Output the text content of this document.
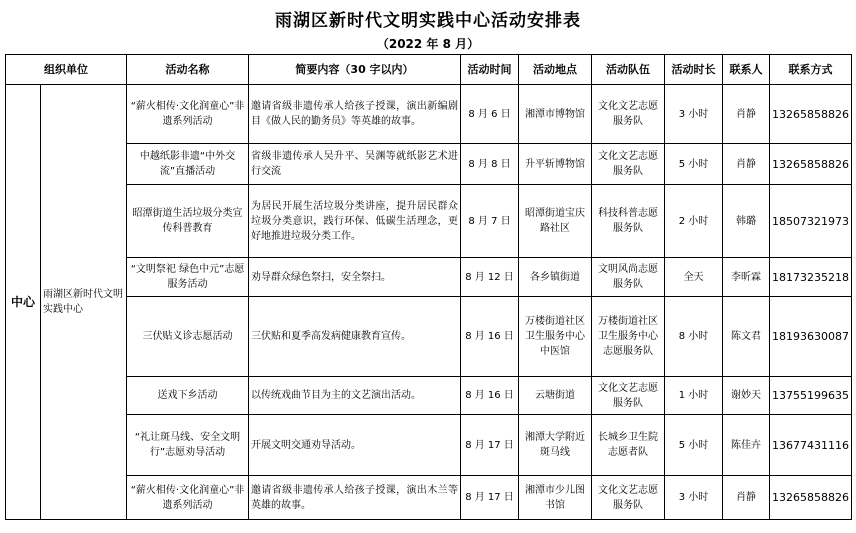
雨湖区新时代文明实践中心活动安排表
（2022 年 8 月）
组织单位		活动名称	简要内容（30 字以内）	活动时间	活动地点	活动队伍	活动时长	联系人	联系方式
中心	雨湖区新时代文明实践中心	“薪火相传·文化润童心”非遗系列活动	邀请省级非遗传承人给孩子授课，演出新编剧目《做人民的勤务员》等英雄的故事。	8 月 6 日	湘潭市博物馆	文化文艺志愿服务队	3 小时	肖静	13265858826
		中越纸影非遗“中外交流”直播活动	省级非遗传承人吴升平、吴渊等就纸影艺术进行交流	8 月 8 日	升平斩博物馆	文化文艺志愿服务队	5 小时	肖静	13265858826
		昭潭街道生活垃圾分类宣传科普教育	为居民开展生活垃圾分类讲座，提升居民群众垃圾分类意识，践行环保、低碳生活理念，更好地推进垃圾分类工作。	8 月 7 日	昭潭街道宝庆路社区	科技科普志愿服务队	2 小时	韩璐	18507321973
		“文明祭祀 绿色中元”志愿服务活动	劝导群众绿色祭扫，安全祭扫。	8 月 12 日	各乡镇街道	文明风尚志愿服务队	全天	李昕霖	18173235218
		三伏贴义诊志愿活动	三伏贴和夏季高发病健康教育宣传。	8 月 16 日	万楼街道社区卫生服务中心中医馆	万楼街道社区卫生服务中心志愿服务队	8 小时	陈文君	18193630087
		送戏下乡活动	以传统戏曲节目为主的文艺演出活动。	8 月 16 日	云塘街道	文化文艺志愿服务队	1 小时	谢妙天	13755199635
		“礼让斑马线、安全文明行”志愿劝导活动	开展文明交通劝导活动。	8 月 17 日	湘潭大学附近斑马线	长城乡卫生院志愿者队	5 小时	陈佳卉	13677431116
		“薪火相传·文化润童心”非遗系列活动	邀请省级非遗传承人给孩子授课，演出木兰等英雄的故事。	8 月 17 日	湘潭市少儿图书馆	文化文艺志愿服务队	3 小时	肖静	13265858826
